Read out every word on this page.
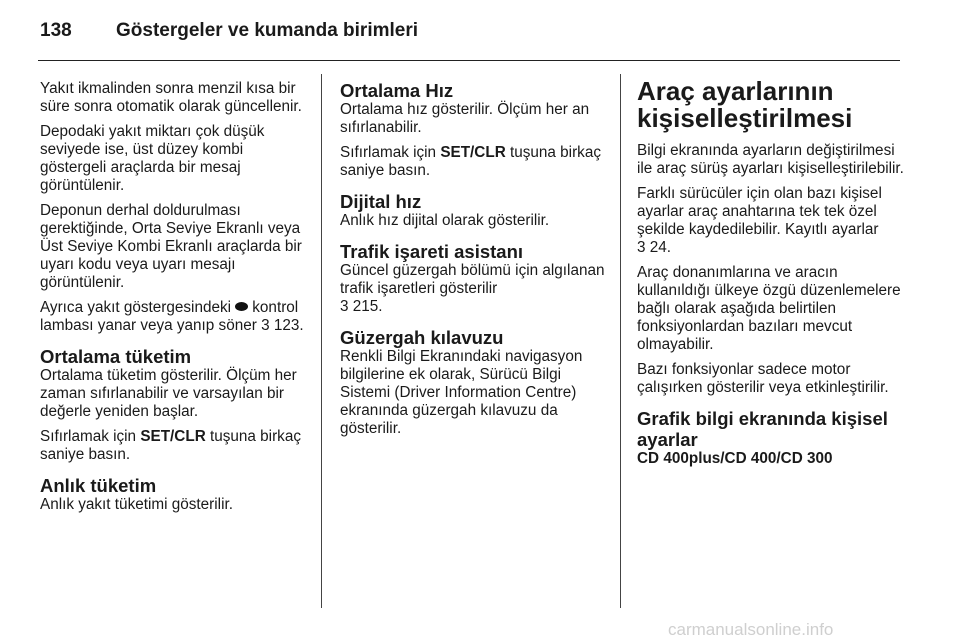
138 Göstergeler ve kumanda birimleri

Yakıt ikmalinden sonra menzil kısa bir süre sonra otomatik olarak güncellenir.

Depodaki yakıt miktarı çok düşük seviyede ise, üst düzey kombi göstergeli araçlarda bir mesaj görüntülenir.

Deponun derhal doldurulması gerektiğinde, Orta Seviye Ekranlı veya Üst Seviye Kombi Ekranlı araçlarda bir uyarı kodu veya uyarı mesajı görüntülenir.

Ayrıca yakıt göstergesindeki kontrol lambası yanar veya yanıp söner 3 123.

Ortalama tüketim

Ortalama tüketim gösterilir. Ölçüm her zaman sıfırlanabilir ve varsayılan bir değerle yeniden başlar.

Sıfırlamak için SET/CLR tuşuna birkaç saniye basın.

Anlık tüketim

Anlık yakıt tüketimi gösterilir.

Ortalama Hız

Ortalama hız gösterilir. Ölçüm her an sıfırlanabilir.

Sıfırlamak için SET/CLR tuşuna birkaç saniye basın.

Dijital hız

Anlık hız dijital olarak gösterilir.

Trafik işareti asistanı

Güncel güzergah bölümü için algılanan trafik işaretleri gösterilir
3 215.

Güzergah kılavuzu

Renkli Bilgi Ekranındaki navigasyon bilgilerine ek olarak, Sürücü Bilgi Sistemi (Driver Information Centre) ekranında güzergah kılavuzu da gösterilir.

Araç ayarlarının kişiselleştirilmesi

Bilgi ekranında ayarların değiştirilmesi ile araç sürüş ayarları kişiselleştirilebilir.

Farklı sürücüler için olan bazı kişisel ayarlar araç anahtarına tek tek özel şekilde kaydedilebilir. Kayıtlı ayarlar
3 24.

Araç donanımlarına ve aracın kullanıldığı ülkeye özgü düzenlemelere bağlı olarak aşağıda belirtilen fonksiyonlardan bazıları mevcut olmayabilir.

Bazı fonksiyonlar sadece motor çalışırken gösterilir veya etkinleştirilir.

Grafik bilgi ekranında kişisel ayarlar

CD 400plus/CD 400/CD 300

carmanualsonline.info
